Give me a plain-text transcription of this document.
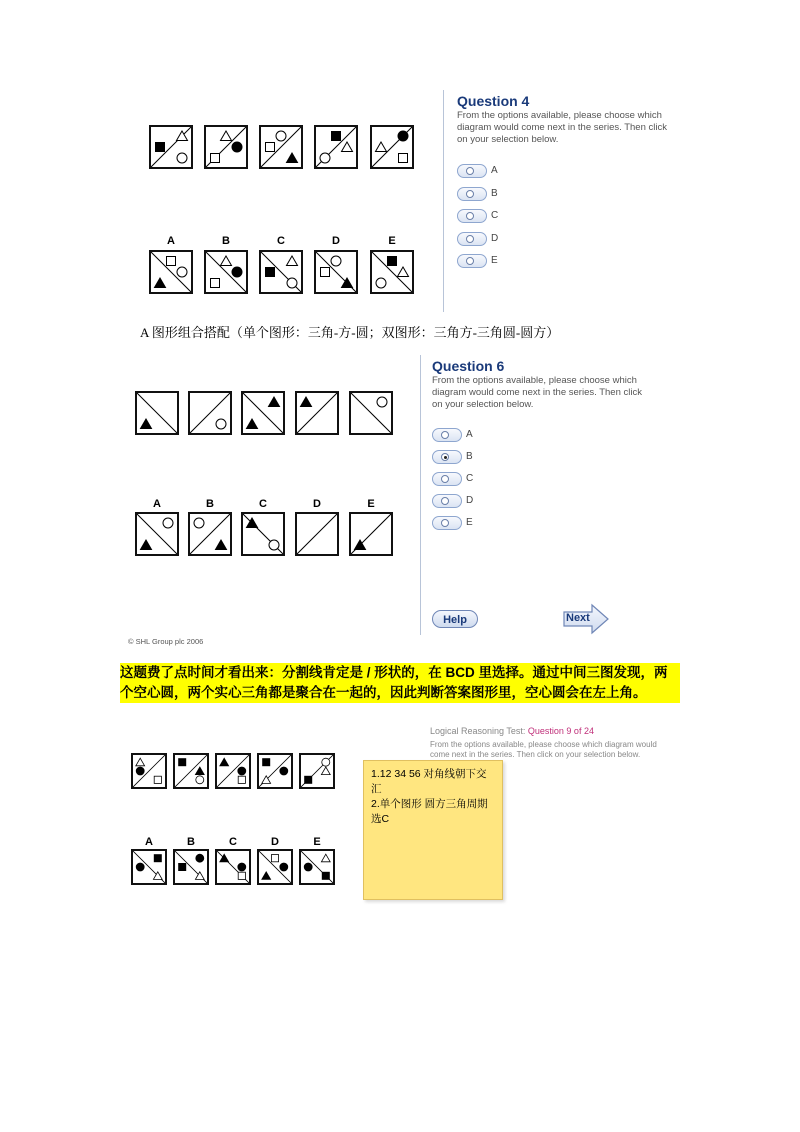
A	B	C	D	E
Question 4
From the options available, please choose which diagram would come next in the series. Then click on your selection below.
A
B
C
D
E
A 图形组合搭配（单个图形：三角-方-圆；双图形：三角方-三角圆-圆方）
A	B	C	D	E
Question 6
From the options available, please choose which diagram would come next in the series. Then click on your selection below.
A
B
C
D
E
Help	Next
© SHL Group plc 2006
这题费了点时间才看出来：分割线肯定是 / 形状的，在 BCD 里选择。通过中间三图发现，两个空心圆，两个实心三角都是聚合在一起的，因此判断答案图形里，空心圆会在左上角。
Logical Reasoning Test: Question 9 of 24
From the options available, please choose which diagram would come next in the series. Then click on your selection below.
A	B	C	D	E
1.12 34 56 对角线朝下交汇
2.单个图形 圆方三角周期选C
